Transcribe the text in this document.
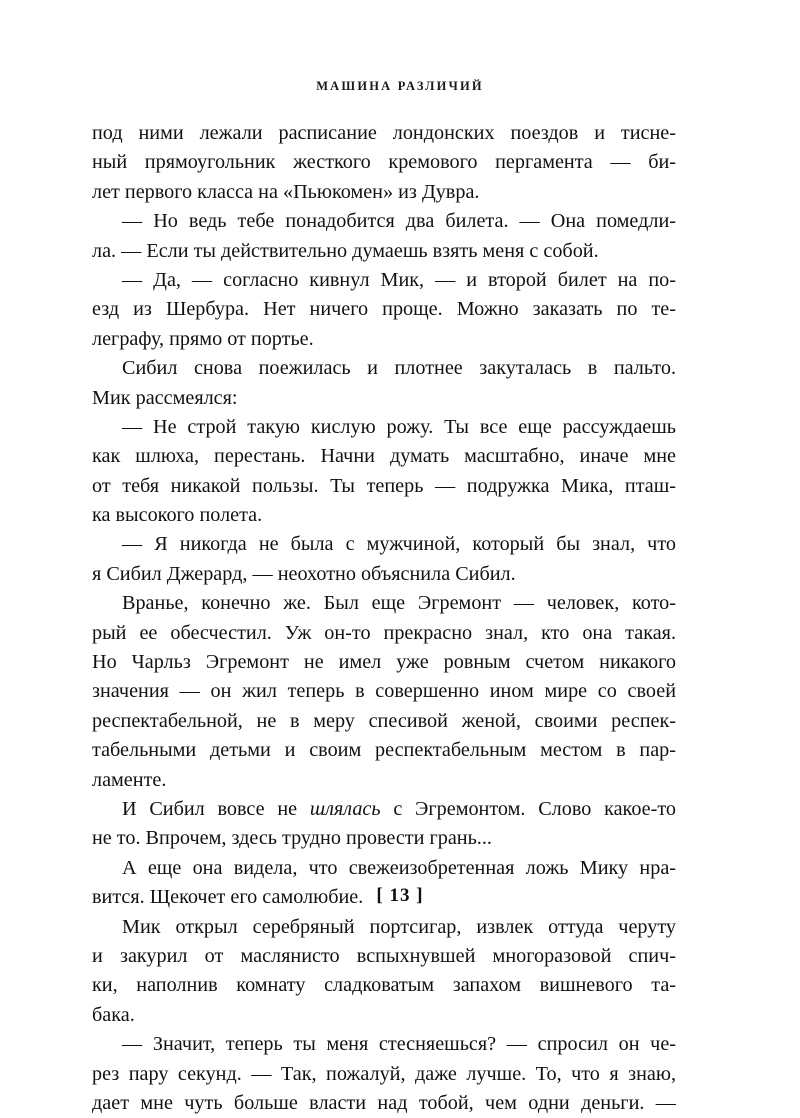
МАШИНА РАЗЛИЧИЙ
под ними лежали расписание лондонских поездов и тисне-
ный прямоугольник жесткого кремового пергамента — би-
лет первого класса на «Пьюкомен» из Дувра.
— Но ведь тебе понадобится два билета. — Она помедли-
ла. — Если ты действительно думаешь взять меня с собой.
— Да, — согласно кивнул Мик, — и второй билет на по-
езд из Шербура. Нет ничего проще. Можно заказать по те-
леграфу, прямо от портье.
Сибил снова поежилась и плотнее закуталась в пальто.
Мик рассмеялся:
— Не строй такую кислую рожу. Ты все еще рассуждаешь
как шлюха, перестань. Начни думать масштабно, иначе мне
от тебя никакой пользы. Ты теперь — подружка Мика, пташ-
ка высокого полета.
— Я никогда не была с мужчиной, который бы знал, что
я Сибил Джерард, — неохотно объяснила Сибил.
Вранье, конечно же. Был еще Эгремонт — человек, кото-
рый ее обесчестил. Уж он-то прекрасно знал, кто она такая.
Но Чарльз Эгремонт не имел уже ровным счетом никакого
значения — он жил теперь в совершенно ином мире со своей
респектабельной, не в меру спесивой женой, своими респек-
табельными детьми и своим респектабельным местом в пар-
ламенте.
И Сибил вовсе не шлялась с Эгремонтом. Слово какое-то
не то. Впрочем, здесь трудно провести грань...
А еще она видела, что свежеизобретенная ложь Мику нра-
вится. Щекочет его самолюбие.
Мик открыл серебряный портсигар, извлек оттуда черуту
и закурил от маслянисто вспыхнувшей многоразовой спич-
ки, наполнив комнату сладковатым запахом вишневого та-
бака.
— Значит, теперь ты меня стесняешься? — спросил он че-
рез пару секунд. — Так, пожалуй, даже лучше. То, что я знаю,
дает мне чуть больше власти над тобой, чем одни деньги. —
[ 13 ]
